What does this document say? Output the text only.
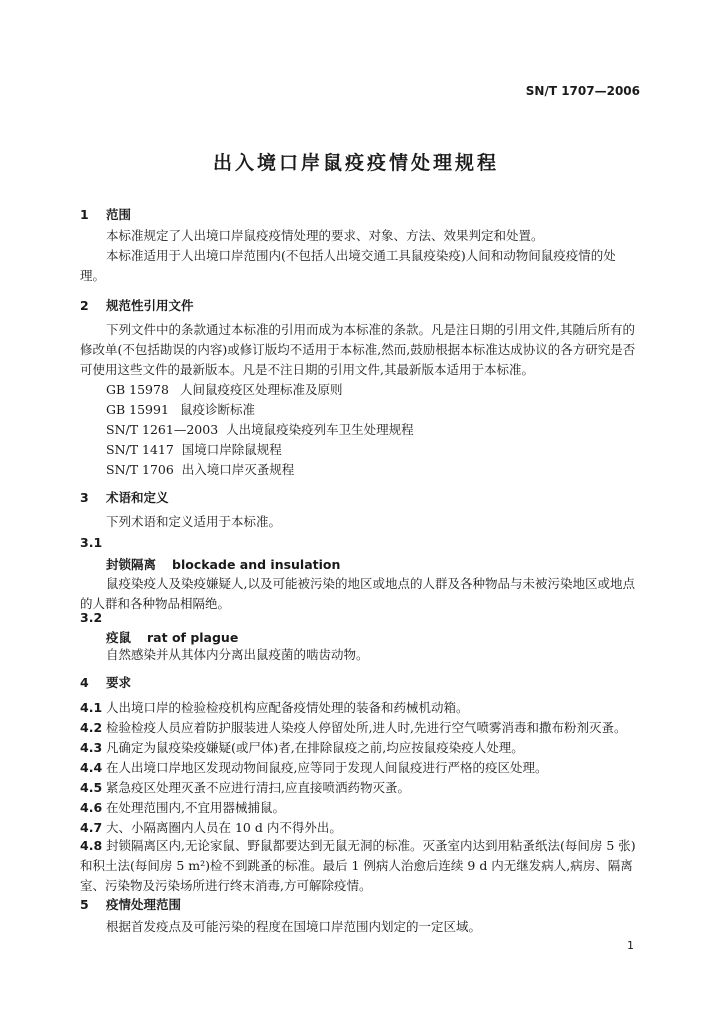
SN/T 1707—2006
出入境口岸鼠疫疫情处理规程
1 范围
本标准规定了人出境口岸鼠疫疫情处理的要求、对象、方法、效果判定和处置。
本标准适用于人出境口岸范围内(不包括人出境交通工具鼠疫染疫)人间和动物间鼠疫疫情的处理。
2 规范性引用文件
下列文件中的条款通过本标准的引用而成为本标准的条款。凡是注日期的引用文件,其随后所有的修改单(不包括勘误的内容)或修订版均不适用于本标准,然而,鼓励根据本标准达成协议的各方研究是否可使用这些文件的最新版本。凡是不注日期的引用文件,其最新版本适用于本标准。
GB 15978 人间鼠疫疫区处理标准及原则
GB 15991 鼠疫诊断标准
SN/T 1261—2003 人出境鼠疫染疫列车卫生处理规程
SN/T 1417 国境口岸除鼠规程
SN/T 1706 出入境口岸灭蚤规程
3 术语和定义
下列术语和定义适用于本标准。
3.1
封锁隔离 blockade and insulation
鼠疫染疫人及染疫嫌疑人,以及可能被污染的地区或地点的人群及各种物品与未被污染地区或地点的人群和各种物品相隔绝。
3.2
疫鼠 rat of plague
自然感染并从其体内分离出鼠疫菌的啮齿动物。
4 要求
4.1 人出境口岸的检验检疫机构应配备疫情处理的装备和药械机动箱。
4.2 检验检疫人员应着防护服装进人染疫人停留处所,进人时,先进行空气喷雾消毒和撒布粉剂灭蚤。
4.3 凡确定为鼠疫染疫嫌疑(或尸体)者,在排除鼠疫之前,均应按鼠疫染疫人处理。
4.4 在人出境口岸地区发现动物间鼠疫,应等同于发现人间鼠疫进行严格的疫区处理。
4.5 紧急疫区处理灭蚤不应进行清扫,应直接喷洒药物灭蚤。
4.6 在处理范围内,不宜用器械捕鼠。
4.7 大、小隔离圈内人员在 10 d 内不得外出。
4.8 封锁隔离区内,无论家鼠、野鼠都要达到无鼠无洞的标准。灭蚤室内达到用粘蚤纸法(每间房 5 张)和积土法(每间房 5 m²)检不到跳蚤的标准。最后 1 例病人治愈后连续 9 d 内无继发病人,病房、隔离室、污染物及污染场所进行终末消毒,方可解除疫情。
5 疫情处理范围
根据首发疫点及可能污染的程度在国境口岸范围内划定的一定区域。
1
